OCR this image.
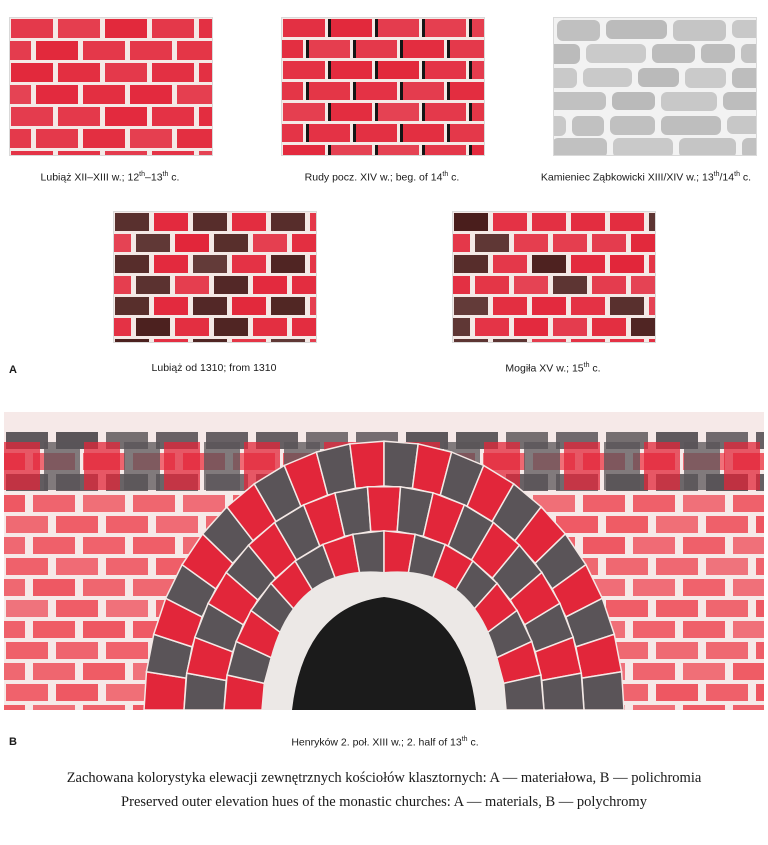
Lubiąż XII–XIII w.; 12th–13th c.	Rudy pocz. XIV w.; beg. of 14th c.	Kamieniec Ząbkowicki XIII/XIV w.; 13th/14th c.
A	Lubiąż od 1310; from 1310	Mogiła XV w.; 15th c.
B	Henryków 2. poł. XIII w.; 2. half of 13th c.
Zachowana kolorystyka elewacji zewnętrznych kościołów klasztornych: A — materiałowa, B — polichromia
Preserved outer elevation hues of the monastic churches: A — materials, B — polychromy
